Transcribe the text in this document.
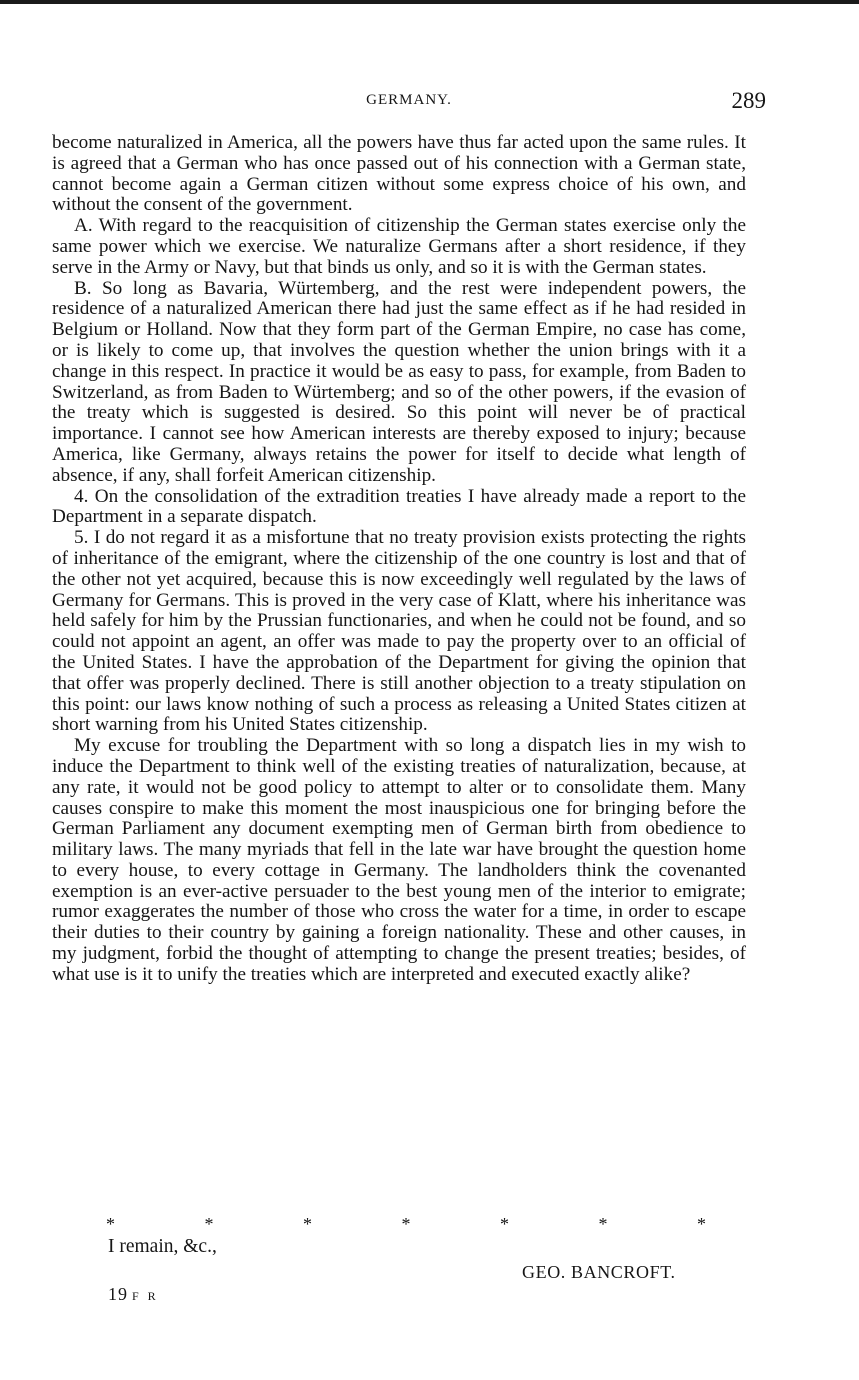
GERMANY.	289

become naturalized in America, all the powers have thus far acted upon the same rules. It is agreed that a German who has once passed out of his connection with a German state, cannot become again a German citizen without some express choice of his own, and without the consent of the government.

A. With regard to the reacquisition of citizenship the German states exercise only the same power which we exercise. We naturalize Germans after a short residence, if they serve in the Army or Navy, but that binds us only, and so it is with the German states.

B. So long as Bavaria, Würtemberg, and the rest were independent powers, the residence of a naturalized American there had just the same effect as if he had resided in Belgium or Holland. Now that they form part of the German Empire, no case has come, or is likely to come up, that involves the question whether the union brings with it a change in this respect. In practice it would be as easy to pass, for example, from Baden to Switzerland, as from Baden to Würtemberg; and so of the other powers, if the evasion of the treaty which is suggested is desired. So this point will never be of practical importance. I cannot see how American interests are thereby exposed to injury; because America, like Germany, always retains the power for itself to decide what length of absence, if any, shall forfeit American citizenship.

4. On the consolidation of the extradition treaties I have already made a report to the Department in a separate dispatch.

5. I do not regard it as a misfortune that no treaty provision exists protecting the rights of inheritance of the emigrant, where the citizenship of the one country is lost and that of the other not yet acquired, because this is now exceedingly well regulated by the laws of Germany for Germans. This is proved in the very case of Klatt, where his inheritance was held safely for him by the Prussian functionaries, and when he could not be found, and so could not appoint an agent, an offer was made to pay the property over to an official of the United States. I have the approbation of the Department for giving the opinion that that offer was properly declined. There is still another objection to a treaty stipulation on this point: our laws know nothing of such a process as releasing a United States citizen at short warning from his United States citizenship.

My excuse for troubling the Department with so long a dispatch lies in my wish to induce the Department to think well of the existing treaties of naturalization, because, at any rate, it would not be good policy to attempt to alter or to consolidate them. Many causes conspire to make this moment the most inauspicious one for bringing before the German Parliament any document exempting men of German birth from obedience to military laws. The many myriads that fell in the late war have brought the question home to every house, to every cottage in Germany. The landholders think the covenanted exemption is an ever-active persuader to the best young men of the interior to emigrate; rumor exaggerates the number of those who cross the water for a time, in order to escape their duties to their country by gaining a foreign nationality. These and other causes, in my judgment, forbid the thought of attempting to change the present treaties; besides, of what use is it to unify the treaties which are interpreted and executed exactly alike?

*	*	*	*	*	*	*
I remain, &c.,
GEO. BANCROFT.
19 F R
